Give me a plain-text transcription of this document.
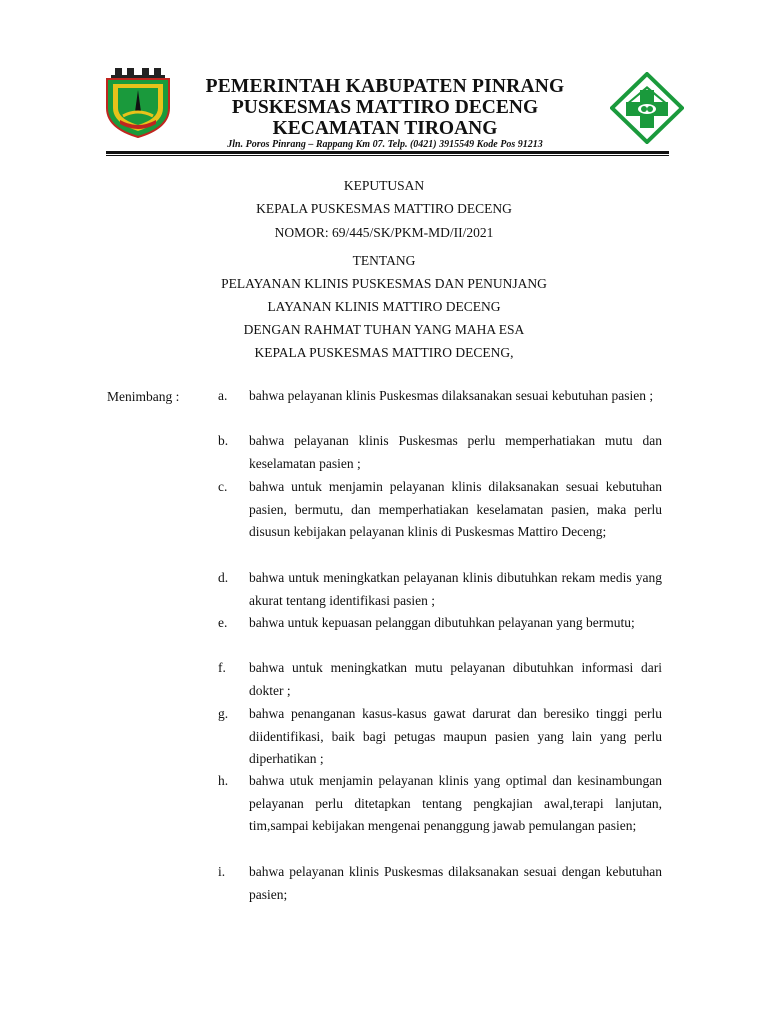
PEMERINTAH KABUPATEN PINRANG
PUSKESMAS MATTIRO DECENG
KECAMATAN TIROANG
Jln. Poros Pinrang – Rappang Km 07. Telp. (0421) 3915549 Kode Pos 91213
KEPUTUSAN
KEPALA PUSKESMAS MATTIRO DECENG
NOMOR: 69/445/SK/PKM-MD/II/2021
TENTANG
PELAYANAN KLINIS PUSKESMAS DAN PENUNJANG
LAYANAN KLINIS MATTIRO DECENG
DENGAN RAHMAT TUHAN YANG MAHA ESA
KEPALA PUSKESMAS MATTIRO DECENG,
Menimbang :	a.	bahwa pelayanan klinis Puskesmas dilaksanakan sesuai kebutuhan pasien ;
b.	bahwa pelayanan klinis Puskesmas perlu memperhatiakan mutu dan keselamatan pasien ;
c.	bahwa untuk menjamin pelayanan klinis dilaksanakan sesuai kebutuhan pasien, bermutu, dan memperhatiakan keselamatan pasien, maka perlu disusun kebijakan pelayanan klinis di Puskesmas Mattiro Deceng;
d.	bahwa untuk meningkatkan pelayanan klinis dibutuhkan rekam medis yang akurat tentang identifikasi pasien ;
e.	bahwa untuk kepuasan pelanggan dibutuhkan pelayanan yang bermutu;
f.	bahwa untuk meningkatkan mutu pelayanan dibutuhkan informasi dari dokter ;
g.	bahwa penanganan kasus-kasus gawat darurat dan beresiko tinggi perlu diidentifikasi, baik bagi petugas maupun pasien yang lain yang perlu diperhatikan ;
h.	bahwa utuk menjamin pelayanan klinis yang optimal dan kesinambungan pelayanan perlu ditetapkan tentang pengkajian awal,terapi lanjutan, tim,sampai kebijakan mengenai penanggung jawab pemulangan pasien;
i.	bahwa pelayanan klinis Puskesmas dilaksanakan sesuai dengan kebutuhan pasien;
